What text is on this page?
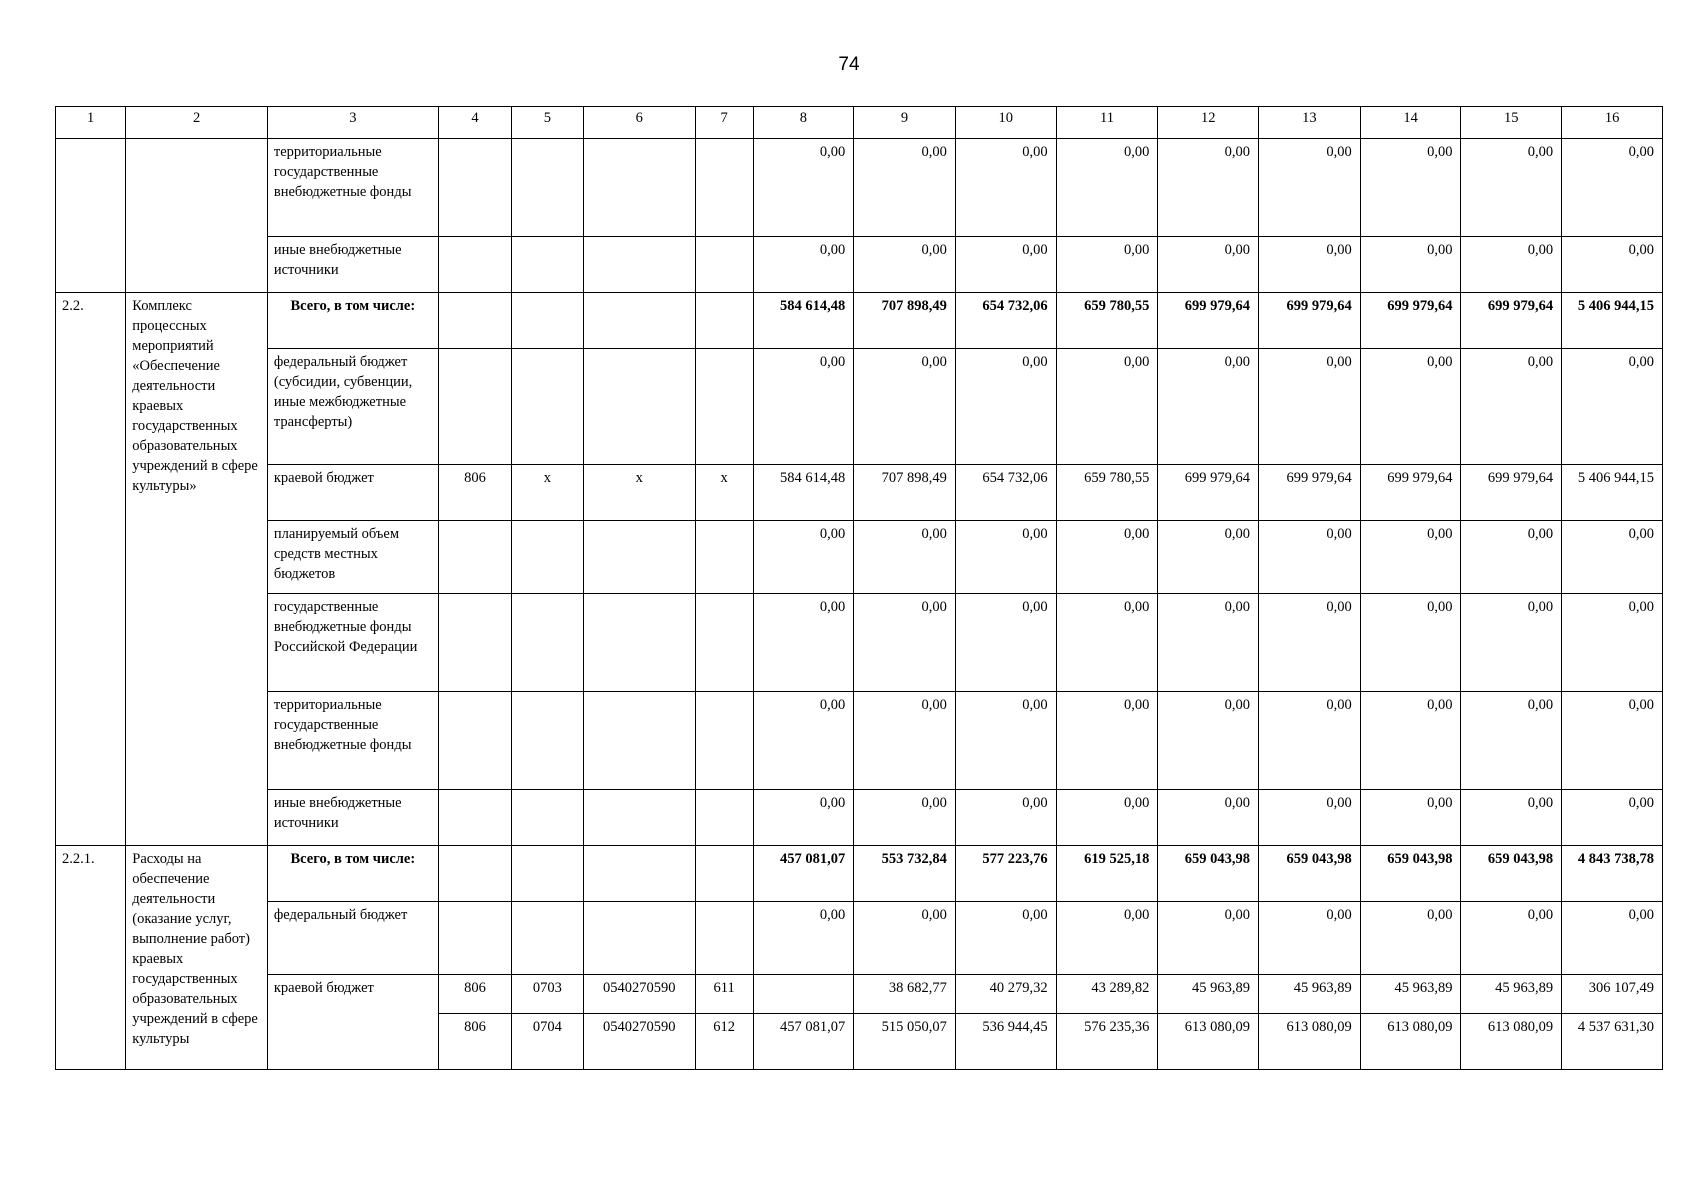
74
1	2	3	4	5	6	7	8	9	10	11	12	13	14	15	16
		территориальные государственные внебюджетные фонды					0,00	0,00	0,00	0,00	0,00	0,00	0,00	0,00	0,00
		иные внебюджетные источники					0,00	0,00	0,00	0,00	0,00	0,00	0,00	0,00	0,00
2.2.	Комплекс процессных мероприятий «Обеспечение деятельности краевых государственных образовательных учреждений в сфере культуры»	Всего, в том числе:					584 614,48	707 898,49	654 732,06	659 780,55	699 979,64	699 979,64	699 979,64	699 979,64	5 406 944,15
		федеральный бюджет (субсидии, субвенции, иные межбюджетные трансферты)					0,00	0,00	0,00	0,00	0,00	0,00	0,00	0,00	0,00
		краевой бюджет	806	x	x	x	584 614,48	707 898,49	654 732,06	659 780,55	699 979,64	699 979,64	699 979,64	699 979,64	5 406 944,15
		планируемый объем средств местных бюджетов					0,00	0,00	0,00	0,00	0,00	0,00	0,00	0,00	0,00
		государственные внебюджетные фонды Российской Федерации					0,00	0,00	0,00	0,00	0,00	0,00	0,00	0,00	0,00
		территориальные государственные внебюджетные фонды					0,00	0,00	0,00	0,00	0,00	0,00	0,00	0,00	0,00
		иные внебюджетные источники					0,00	0,00	0,00	0,00	0,00	0,00	0,00	0,00	0,00
2.2.1.	Расходы на обеспечение деятельности (оказание услуг, выполнение работ) краевых государственных образовательных учреждений в сфере культуры	Всего, в том числе:					457 081,07	553 732,84	577 223,76	619 525,18	659 043,98	659 043,98	659 043,98	659 043,98	4 843 738,78
		федеральный бюджет					0,00	0,00	0,00	0,00	0,00	0,00	0,00	0,00	0,00
		краевой бюджет	806	0703	0540270590	611		38 682,77	40 279,32	43 289,82	45 963,89	45 963,89	45 963,89	45 963,89	306 107,49
			806	0704	0540270590	612	457 081,07	515 050,07	536 944,45	576 235,36	613 080,09	613 080,09	613 080,09	613 080,09	4 537 631,30
